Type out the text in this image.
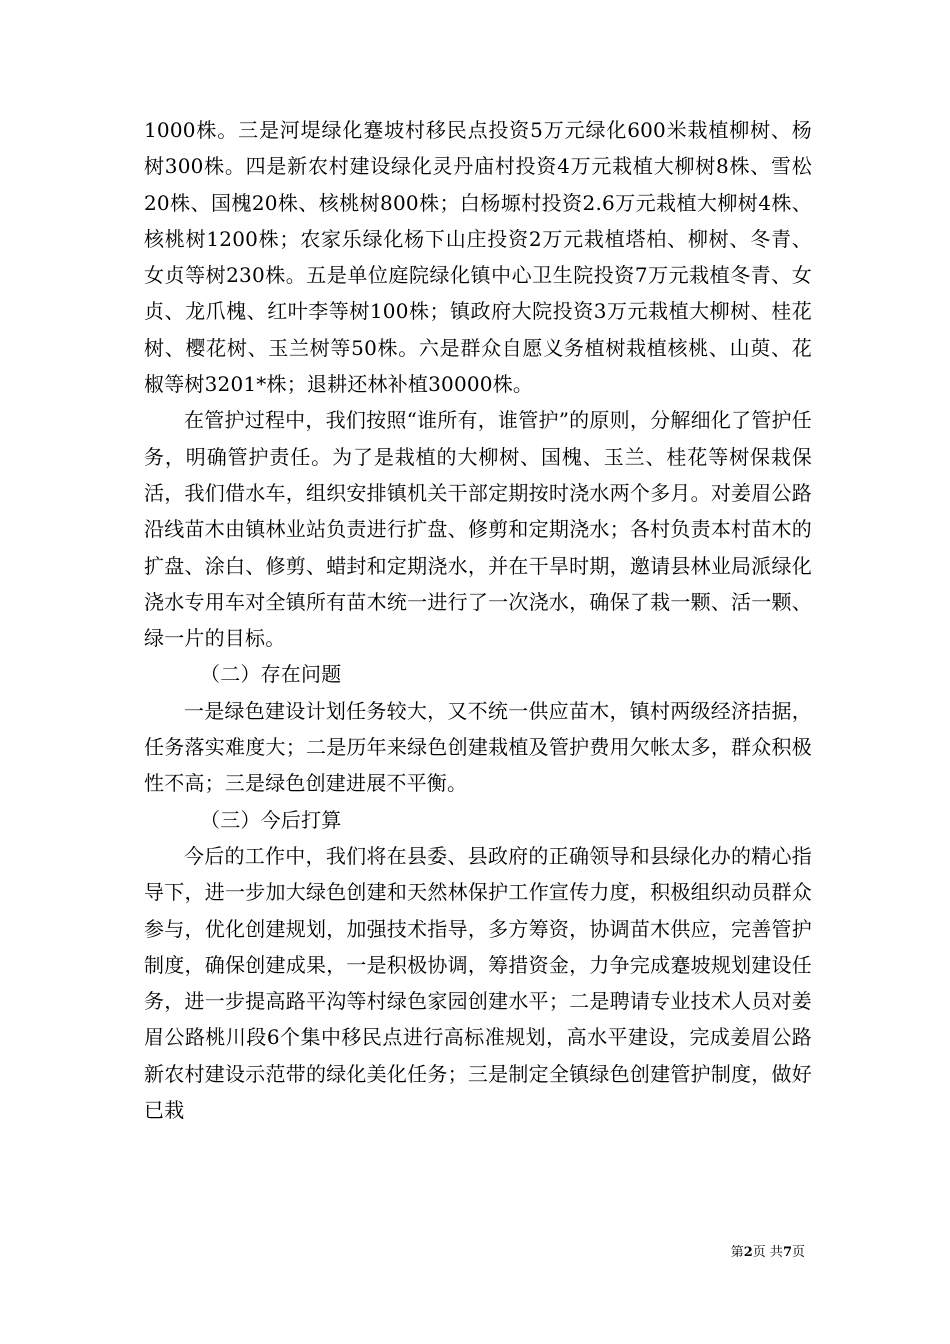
1000株。三是河堤绿化蹇坡村移民点投资5万元绿化600米栽植柳树、杨树300株。四是新农村建设绿化灵丹庙村投资4万元栽植大柳树8株、雪松20株、国槐20株、核桃树800株；白杨塬村投资2.6万元栽植大柳树4株、核桃树1200株；农家乐绿化杨下山庄投资2万元栽植塔柏、柳树、冬青、女贞等树230株。五是单位庭院绿化镇中心卫生院投资7万元栽植冬青、女贞、龙爪槐、红叶李等树100株；镇政府大院投资3万元栽植大柳树、桂花树、樱花树、玉兰树等50株。六是群众自愿义务植树栽植核桃、山萸、花椒等树3201*株；退耕还林补植30000株。

在管护过程中，我们按照“谁所有，谁管护”的原则，分解细化了管护任务，明确管护责任。为了是栽植的大柳树、国槐、玉兰、桂花等树保栽保活，我们借水车，组织安排镇机关干部定期按时浇水两个多月。对姜眉公路沿线苗木由镇林业站负责进行扩盘、修剪和定期浇水；各村负责本村苗木的扩盘、涂白、修剪、蜡封和定期浇水，并在干旱时期，邀请县林业局派绿化浇水专用车对全镇所有苗木统一进行了一次浇水，确保了栽一颗、活一颗、绿一片的目标。

（二）存在问题

一是绿色建设计划任务较大，又不统一供应苗木，镇村两级经济拮据，任务落实难度大；二是历年来绿色创建栽植及管护费用欠帐太多，群众积极性不高；三是绿色创建进展不平衡。

（三）今后打算

今后的工作中，我们将在县委、县政府的正确领导和县绿化办的精心指导下，进一步加大绿色创建和天然林保护工作宣传力度，积极组织动员群众参与，优化创建规划，加强技术指导，多方筹资，协调苗木供应，完善管护制度，确保创建成果，一是积极协调，筹措资金，力争完成蹇坡规划建设任务，进一步提高路平沟等村绿色家园创建水平；二是聘请专业技术人员对姜眉公路桃川段6个集中移民点进行高标准规划，高水平建设，完成姜眉公路新农村建设示范带的绿化美化任务；三是制定全镇绿色创建管护制度，做好已栽

第2页 共7页
